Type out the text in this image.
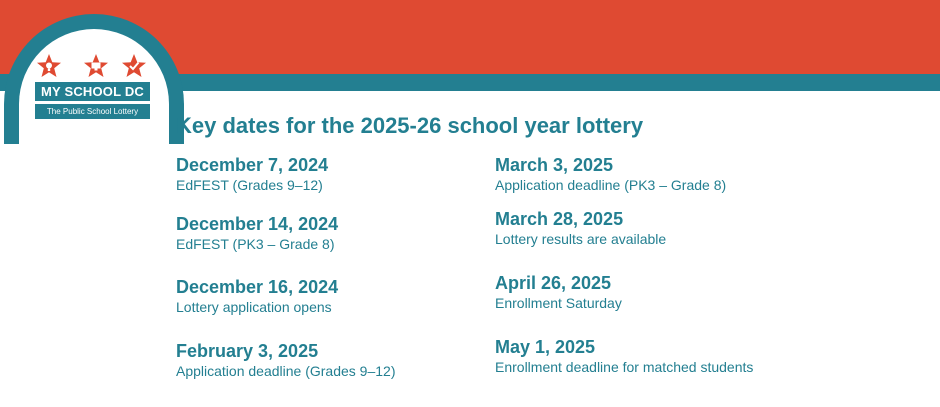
MY SCHOOL DC
The Public School Lottery
Key dates for the 2025-26 school year lottery
December 7, 2024
EdFEST (Grades 9–12)
December 14, 2024
EdFEST (PK3 – Grade 8)
December 16, 2024
Lottery application opens
February 3, 2025
Application deadline (Grades 9–12)
March 3, 2025
Application deadline (PK3 – Grade 8)
March 28, 2025
Lottery results are available
April 26, 2025
Enrollment Saturday
May 1, 2025
Enrollment deadline for matched students
